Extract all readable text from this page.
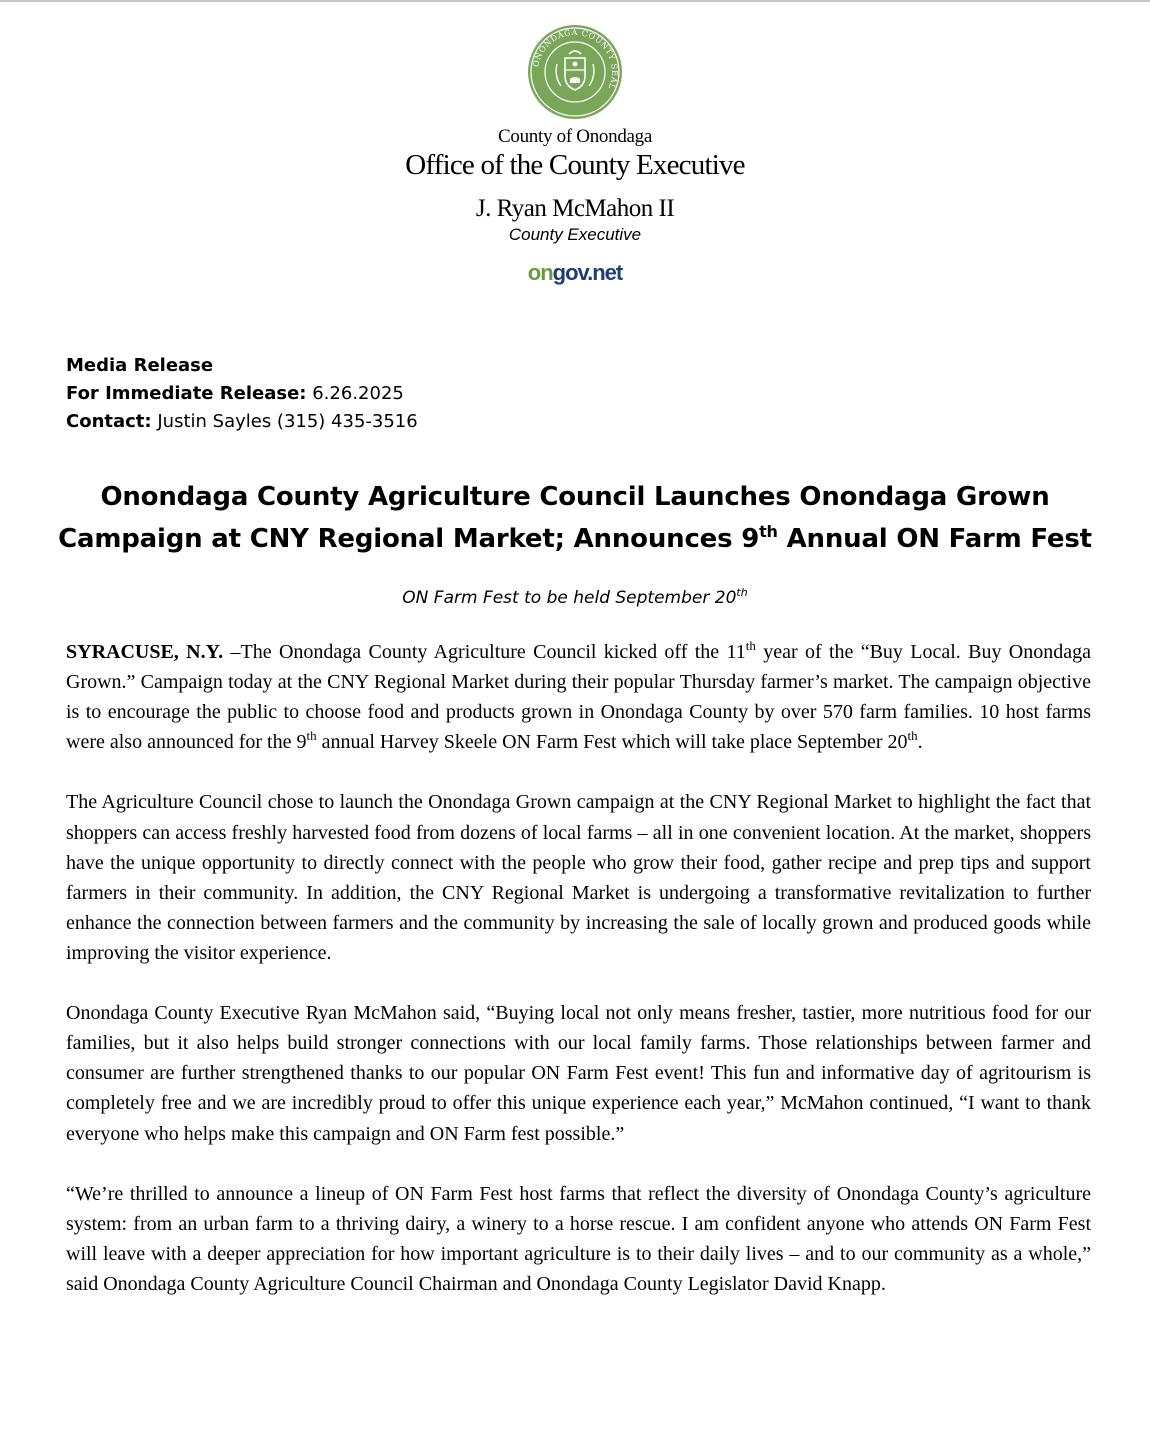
ONONDAGA COUNTY SEAL
County of Onondaga
Office of the County Executive
J. Ryan McMahon II
County Executive
ongov.net
Media Release
For Immediate Release: 6.26.2025
Contact: Justin Sayles (315) 435-3516
Onondaga County Agriculture Council Launches Onondaga Grown
Campaign at CNY Regional Market; Announces 9th Annual ON Farm Fest
ON Farm Fest to be held September 20th

SYRACUSE, N.Y. –The Onondaga County Agriculture Council kicked off the 11th year of the “Buy Local. Buy Onondaga Grown.” Campaign today at the CNY Regional Market during their popular Thursday farmer’s market. The campaign objective is to encourage the public to choose food and products grown in Onondaga County by over 570 farm families. 10 host farms were also announced for the 9th annual Harvey Skeele ON Farm Fest which will take place September 20th.

The Agriculture Council chose to launch the Onondaga Grown campaign at the CNY Regional Market to highlight the fact that shoppers can access freshly harvested food from dozens of local farms – all in one convenient location. At the market, shoppers have the unique opportunity to directly connect with the people who grow their food, gather recipe and prep tips and support farmers in their community. In addition, the CNY Regional Market is undergoing a transformative revitalization to further enhance the connection between farmers and the community by increasing the sale of locally grown and produced goods while improving the visitor experience.

Onondaga County Executive Ryan McMahon said, “Buying local not only means fresher, tastier, more nutritious food for our families, but it also helps build stronger connections with our local family farms. Those relationships between farmer and consumer are further strengthened thanks to our popular ON Farm Fest event! This fun and informative day of agritourism is completely free and we are incredibly proud to offer this unique experience each year,” McMahon continued, “I want to thank everyone who helps make this campaign and ON Farm fest possible.”

“We’re thrilled to announce a lineup of ON Farm Fest host farms that reflect the diversity of Onondaga County’s agriculture system: from an urban farm to a thriving dairy, a winery to a horse rescue. I am confident anyone who attends ON Farm Fest will leave with a deeper appreciation for how important agriculture is to their daily lives – and to our community as a whole,” said Onondaga County Agriculture Council Chairman and Onondaga County Legislator David Knapp.
